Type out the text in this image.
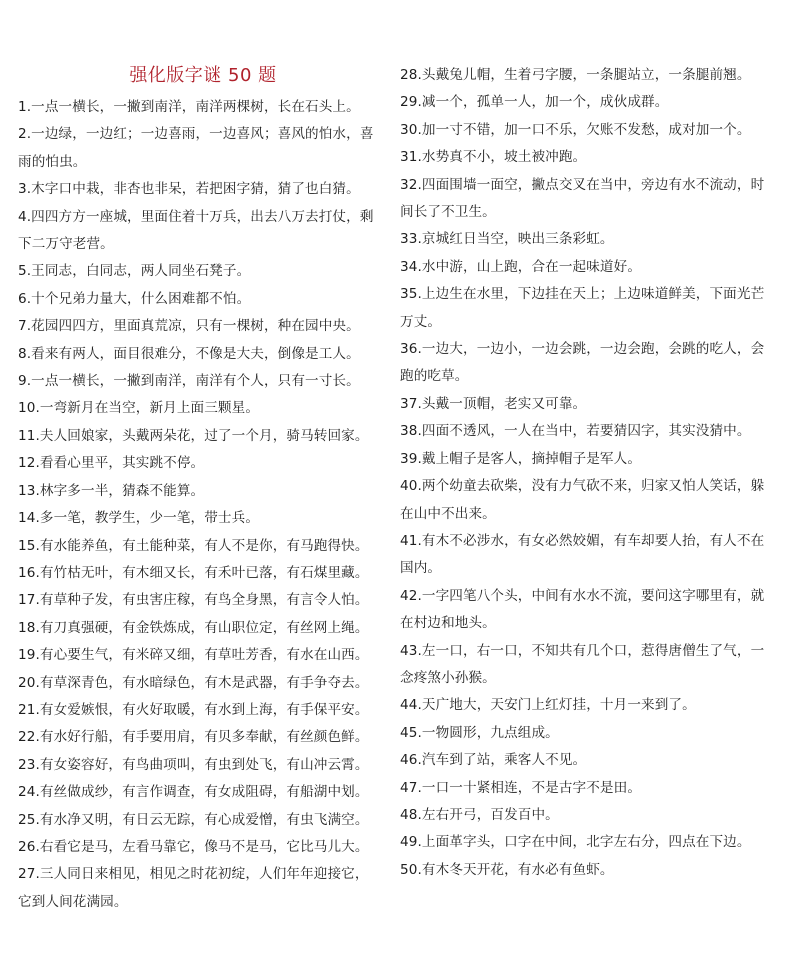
强化版字谜 50 题
1.一点一横长，一撇到南洋，南洋两棵树，长在石头上。
2.一边绿，一边红；一边喜雨，一边喜风；喜风的怕水，喜雨的怕虫。
3.木字口中栽，非杏也非呆，若把困字猜，猜了也白猜。
4.四四方方一座城，里面住着十万兵，出去八万去打仗，剩下二万守老营。
5.王同志，白同志，两人同坐石凳子。
6.十个兄弟力量大，什么困难都不怕。
7.花园四四方，里面真荒凉，只有一棵树，种在园中央。
8.看来有两人，面目很难分，不像是大夫，倒像是工人。
9.一点一横长，一撇到南洋，南洋有个人，只有一寸长。
10.一弯新月在当空，新月上面三颗星。
11.夫人回娘家，头戴两朵花，过了一个月，骑马转回家。
12.看看心里平，其实跳不停。
13.林字多一半，猜森不能算。
14.多一笔，教学生，少一笔，带士兵。
15.有水能养鱼，有土能种菜，有人不是你，有马跑得快。
16.有竹枯无叶，有木细又长，有禾叶已落，有石煤里藏。
17.有草种子发，有虫害庄稼，有鸟全身黑，有言令人怕。
18.有刀真强硬，有金铁炼成，有山职位定，有丝网上绳。
19.有心要生气，有米碎又细，有草吐芳香，有水在山西。
20.有草深青色，有水暗绿色，有木是武器，有手争夺去。
21.有女爱嫉恨，有火好取暖，有水到上海，有手保平安。
22.有水好行船，有手要用肩，有贝多奉献，有丝颜色鲜。
23.有女姿容好，有鸟曲项叫，有虫到处飞，有山冲云霄。
24.有丝做成纱，有言作调查，有女成阻碍，有船湖中划。
25.有水净又明，有日云无踪，有心成爱憎，有虫飞满空。
26.右看它是马，左看马靠它，像马不是马，它比马儿大。
27.三人同日来相见，相见之时花初绽，人们年年迎接它，它到人间花满园。
28.头戴兔儿帽，生着弓字腰，一条腿站立，一条腿前翘。
29.减一个，孤单一人，加一个，成伙成群。
30.加一寸不错，加一口不乐，欠账不发愁，成对加一个。
31.水势真不小，坡土被冲跑。
32.四面围墙一面空，撇点交叉在当中，旁边有水不流动，时间长了不卫生。
33.京城红日当空，映出三条彩虹。
34.水中游，山上跑，合在一起味道好。
35.上边生在水里，下边挂在天上；上边味道鲜美，下面光芒万丈。
36.一边大，一边小，一边会跳，一边会跑，会跳的吃人，会跑的吃草。
37.头戴一顶帽，老实又可靠。
38.四面不透风，一人在当中，若要猜囚字，其实没猜中。
39.戴上帽子是客人，摘掉帽子是军人。
40.两个幼童去砍柴，没有力气砍不来，归家又怕人笑话，躲在山中不出来。
41.有木不必涉水，有女必然姣媚，有车却要人抬，有人不在国内。
42.一字四笔八个头，中间有水水不流，要问这字哪里有，就在村边和地头。
43.左一口，右一口，不知共有几个口，惹得唐僧生了气，一念疼煞小孙猴。
44.天广地大，天安门上红灯挂，十月一来到了。
45.一物圆形，九点组成。
46.汽车到了站，乘客人不见。
47.一口一十紧相连，不是古字不是田。
48.左右开弓，百发百中。
49.上面革字头，口字在中间，北字左右分，四点在下边。
50.有木冬天开花，有水必有鱼虾。
